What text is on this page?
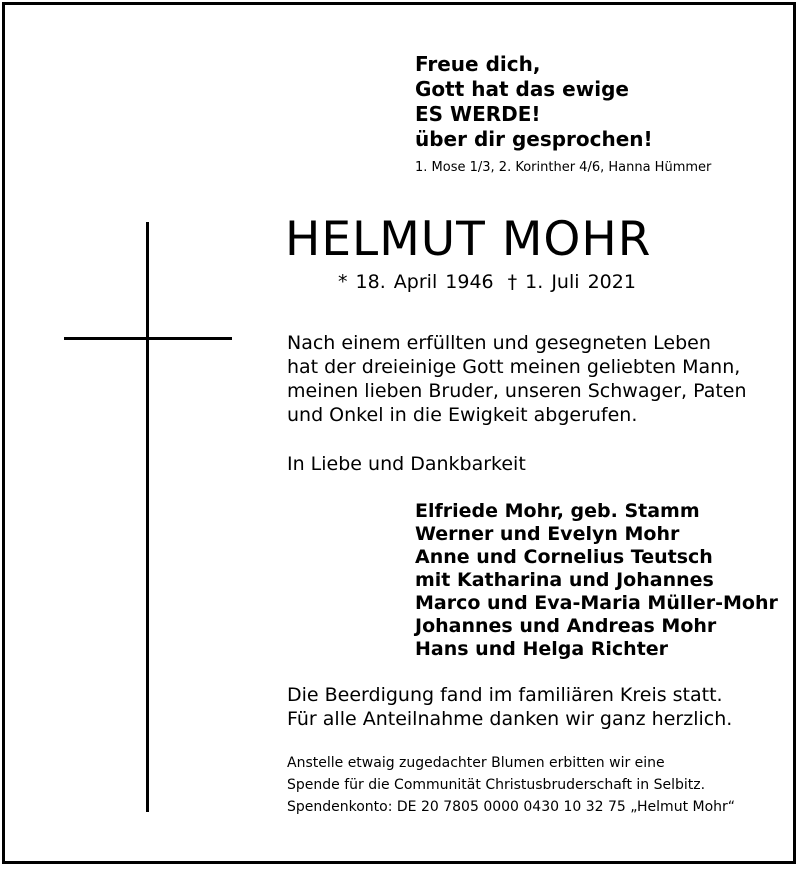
Freue dich,
Gott hat das ewige
ES WERDE!
über dir gesprochen!
1. Mose 1/3, 2. Korinther 4/6, Hanna Hümmer
HELMUT MOHR
* 18. April 1946 † 1. Juli 2021
Nach einem erfüllten und gesegneten Leben
hat der dreieinige Gott meinen geliebten Mann,
meinen lieben Bruder, unseren Schwager, Paten
und Onkel in die Ewigkeit abgerufen.
In Liebe und Dankbarkeit
Elfriede Mohr, geb. Stamm
Werner und Evelyn Mohr
Anne und Cornelius Teutsch
mit Katharina und Johannes
Marco und Eva-Maria Müller-Mohr
Johannes und Andreas Mohr
Hans und Helga Richter
Die Beerdigung fand im familiären Kreis statt.
Für alle Anteilnahme danken wir ganz herzlich.
Anstelle etwaig zugedachter Blumen erbitten wir eine
Spende für die Communität Christusbruderschaft in Selbitz.
Spendenkonto: DE 20 7805 0000 0430 10 32 75 „Helmut Mohr“
